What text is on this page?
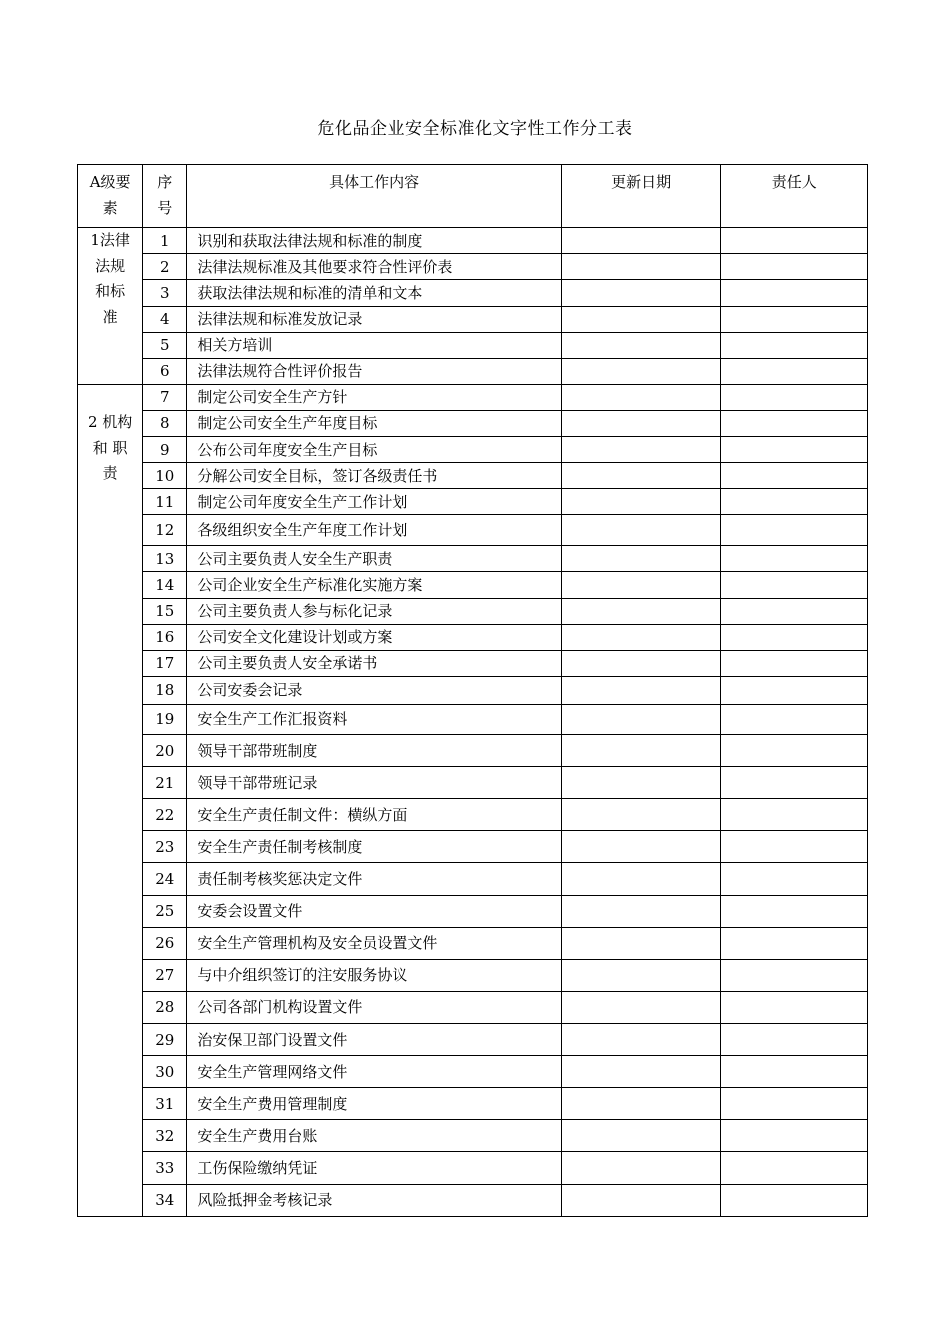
危化品企业安全标准化文字性工作分工表
A级要
素	序
号	具体工作内容	更新日期	责任人

1法律
法规
和标
准	1	识别和获取法律法规和标准的制度		
	2	法律法规标准及其他要求符合性评价表		
	3	获取法律法规和标准的清单和文本		
	4	法律法规和标准发放记录		
	5	相关方培训		
	6	法律法规符合性评价报告		

2 机构
和 职
责	7	制定公司安全生产方针		
	8	制定公司安全生产年度目标		
	9	公布公司年度安全生产目标		
	10	分解公司安全目标，签订各级责任书		
	11	制定公司年度安全生产工作计划		
	12	各级组织安全生产年度工作计划		
	13	公司主要负责人安全生产职责		
	14	公司企业安全生产标准化实施方案		
	15	公司主要负责人参与标化记录		
	16	公司安全文化建设计划或方案		
	17	公司主要负责人安全承诺书		
	18	公司安委会记录		
	19	安全生产工作汇报资料		
	20	领导干部带班制度		
	21	领导干部带班记录		
	22	安全生产责任制文件：横纵方面		
	23	安全生产责任制考核制度		
	24	责任制考核奖惩决定文件		
	25	安委会设置文件		
	26	安全生产管理机构及安全员设置文件		
	27	与中介组织签订的注安服务协议		
	28	公司各部门机构设置文件		
	29	治安保卫部门设置文件		
	30	安全生产管理网络文件		
	31	安全生产费用管理制度		
	32	安全生产费用台账		
	33	工伤保险缴纳凭证		
	34	风险抵押金考核记录		
